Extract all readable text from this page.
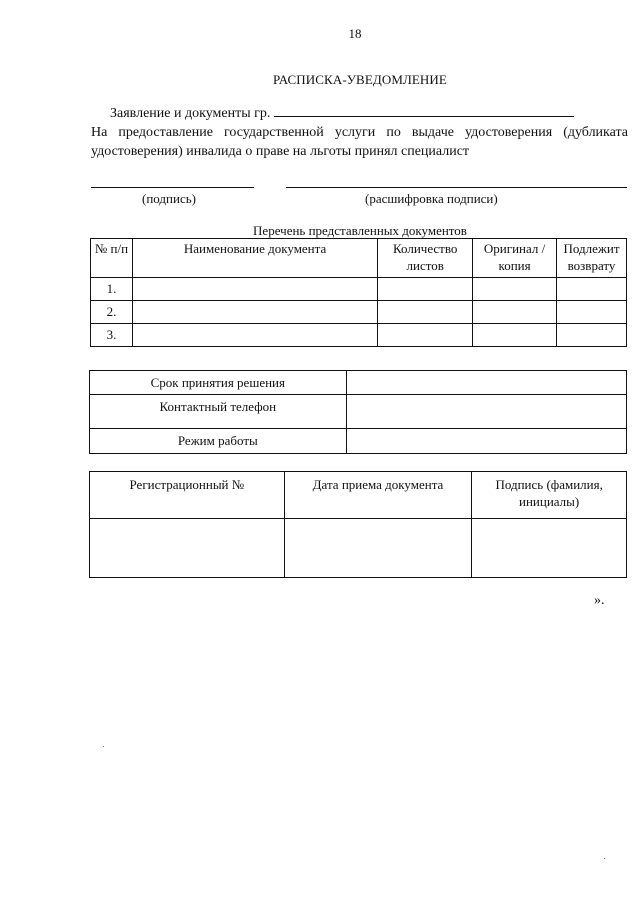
18
РАСПИСКА-УВЕДОМЛЕНИЕ
Заявление и документы гр.
На предоставление государственной услуги по выдаче удостоверения (дубликата удостоверения) инвалида о праве на льготы принял специалист
(подпись)	(расшифровка подписи)
Перечень представленных документов
№ п/п	Наименование документа	Количество листов	Оригинал /копия	Подлежит возврату
1.				
2.				
3.				
Срок принятия решения	
Контактный телефон	
Режим работы	
Регистрационный №	Дата приема документа	Подпись (фамилия, инициалы)

».
